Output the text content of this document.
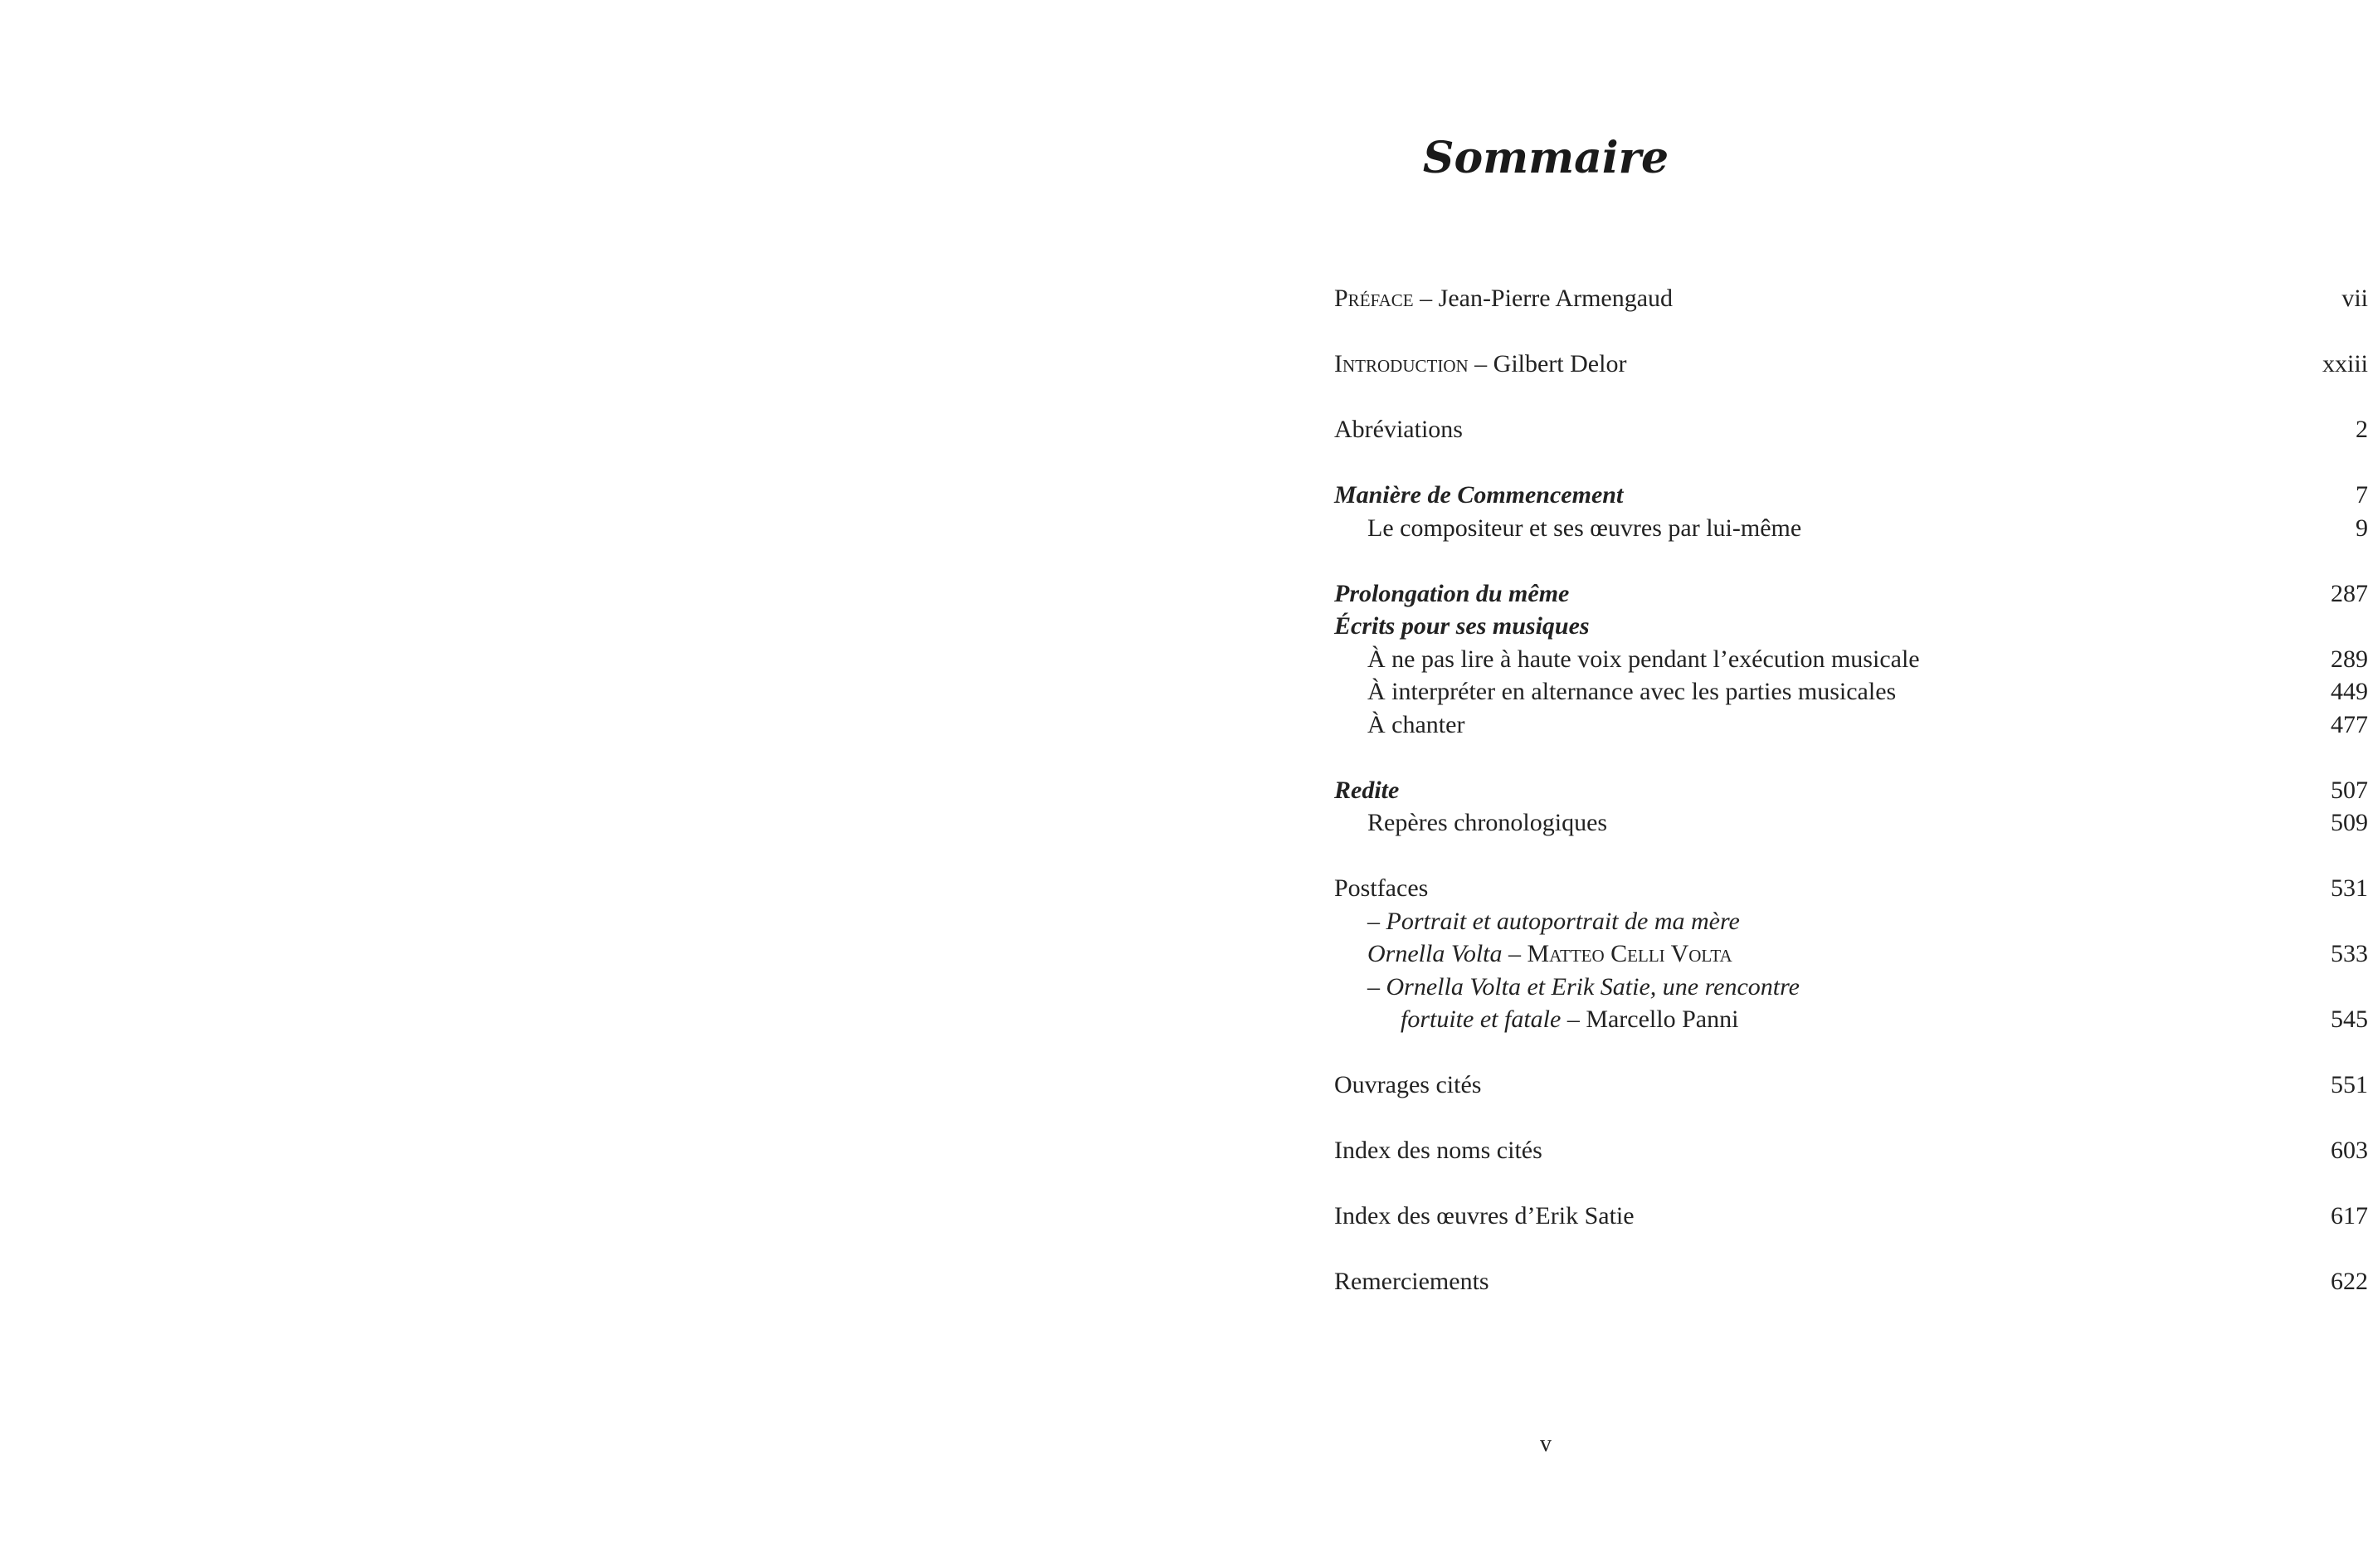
Sommaire
Préface – Jean-Pierre Armengaud	vii
Introduction – Gilbert Delor	xxiii
Abréviations	2
Manière de Commencement	7
Le compositeur et ses œuvres par lui-même	9
Prolongation du même	287
Écrits pour ses musiques
À ne pas lire à haute voix pendant l’exécution musicale	289
À interpréter en alternance avec les parties musicales	449
À chanter	477
Redite	507
Repères chronologiques	509
Postfaces	531
– Portrait et autoportrait de ma mère
Ornella Volta – Matteo Celli Volta	533
– Ornella Volta et Erik Satie, une rencontre
fortuite et fatale – Marcello Panni	545
Ouvrages cités	551
Index des noms cités	603
Index des œuvres d’Erik Satie	617
Remerciements	622
v
